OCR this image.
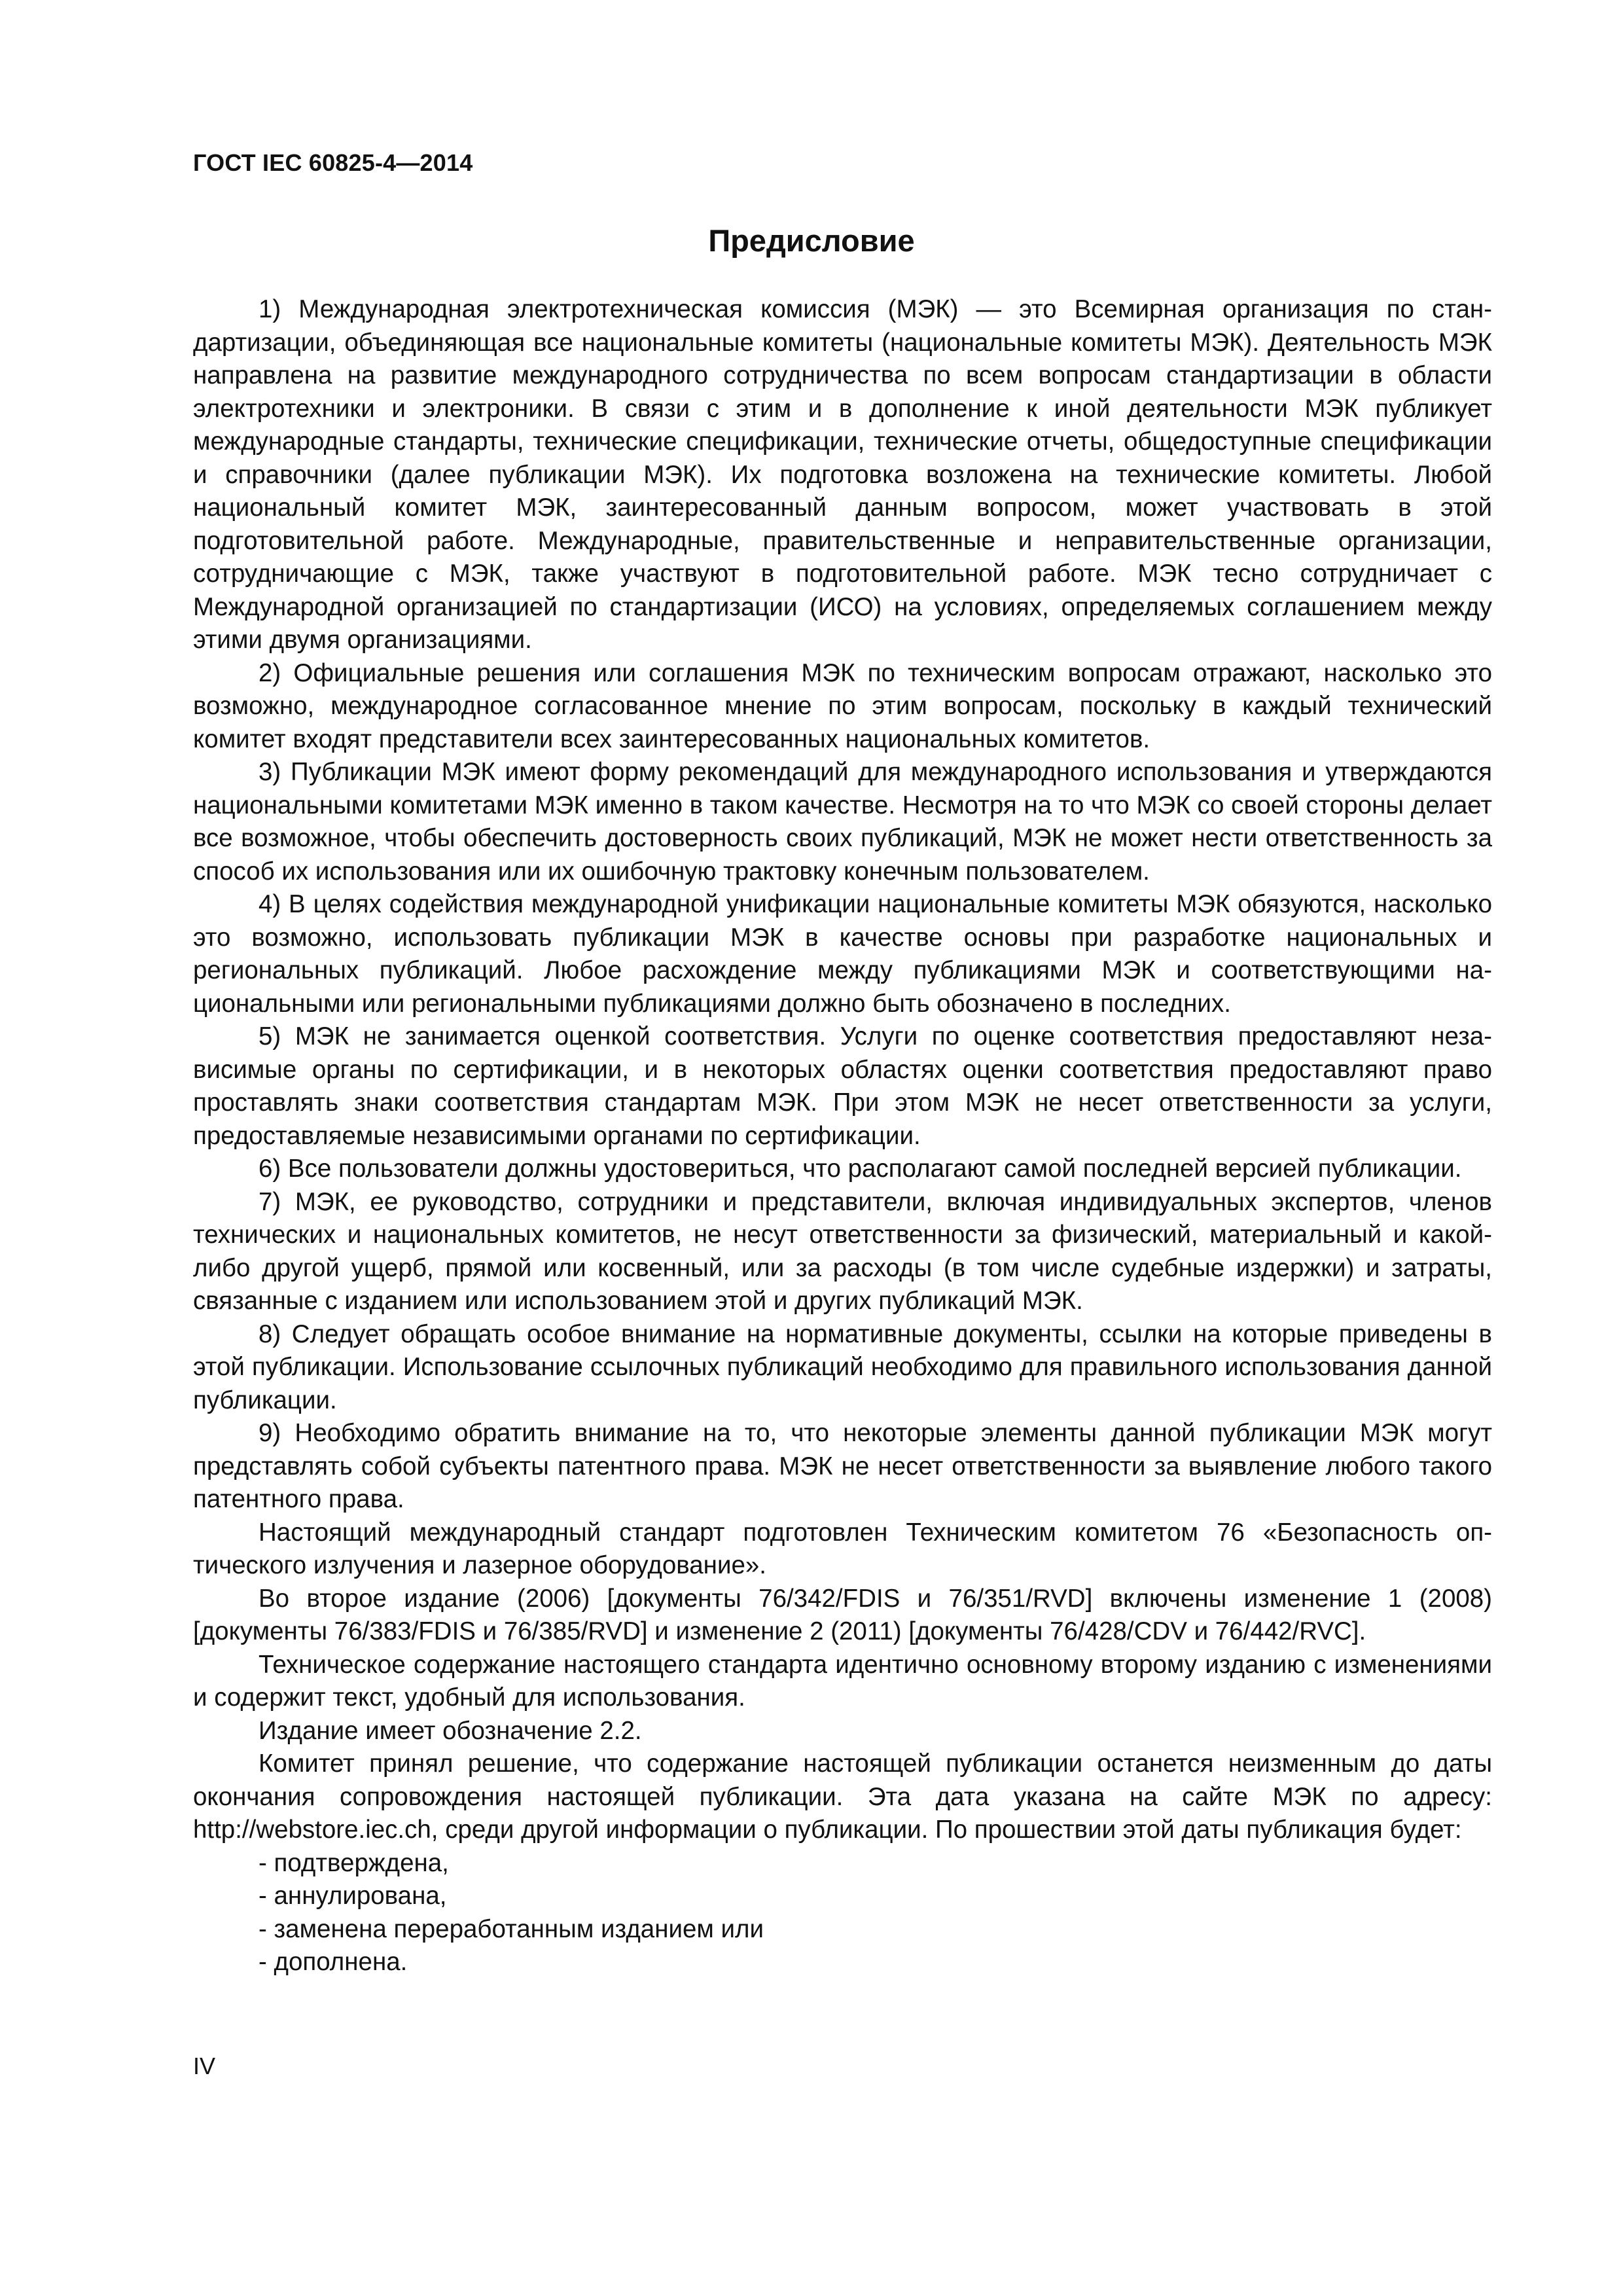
ГОСТ IEC 60825-4—2014
Предисловие

1) Международная электротехническая комиссия (МЭК) — это Всемирная организация по стандартизации, объединяющая все национальные комитеты (национальные комитеты МЭК). Деятельность МЭК направлена на развитие международного сотрудничества по всем вопросам стандартизации в области электротехники и электроники. В связи с этим и в дополнение к иной деятельности МЭК публикует международные стандарты, технические спецификации, технические отчеты, общедоступные спецификации и справочники (далее публикации МЭК). Их подготовка возложена на технические комитеты. Любой национальный комитет МЭК, заинтересованный данным вопросом, может участвовать в этой подготовительной работе. Международные, правительственные и неправительственные организации, сотрудничающие с МЭК, также участвуют в подготовительной работе. МЭК тесно сотрудничает с Международной организацией по стандартизации (ИСО) на условиях, определяемых соглашением между этими двумя организациями.

2) Официальные решения или соглашения МЭК по техническим вопросам отражают, насколько это возможно, международное согласованное мнение по этим вопросам, поскольку в каждый технический комитет входят представители всех заинтересованных национальных комитетов.

3) Публикации МЭК имеют форму рекомендаций для международного использования и утверждаются национальными комитетами МЭК именно в таком качестве. Несмотря на то что МЭК со своей стороны делает все возможное, чтобы обеспечить достоверность своих публикаций, МЭК не может нести ответственность за способ их использования или их ошибочную трактовку конечным пользователем.

4) В целях содействия международной унификации национальные комитеты МЭК обязуются, насколько это возможно, использовать публикации МЭК в качестве основы при разработке национальных и региональных публикаций. Любое расхождение между публикациями МЭК и соответствующими национальными или региональными публикациями должно быть обозначено в последних.

5) МЭК не занимается оценкой соответствия. Услуги по оценке соответствия предоставляют независимые органы по сертификации, и в некоторых областях оценки соответствия предоставляют право проставлять знаки соответствия стандартам МЭК. При этом МЭК не несет ответственности за услуги, предоставляемые независимыми органами по сертификации.

6) Все пользователи должны удостовериться, что располагают самой последней версией публикации.

7) МЭК, ее руководство, сотрудники и представители, включая индивидуальных экспертов, членов технических и национальных комитетов, не несут ответственности за физический, материальный и какой-либо другой ущерб, прямой или косвенный, или за расходы (в том числе судебные издержки) и затраты, связанные с изданием или использованием этой и других публикаций МЭК.

8) Следует обращать особое внимание на нормативные документы, ссылки на которые приведены в этой публикации. Использование ссылочных публикаций необходимо для правильного использования данной публикации.

9) Необходимо обратить внимание на то, что некоторые элементы данной публикации МЭК могут представлять собой субъекты патентного права. МЭК не несет ответственности за выявление любого такого патентного права.

Настоящий международный стандарт подготовлен Техническим комитетом 76 «Безопасность оптического излучения и лазерное оборудование».

Во второе издание (2006) [документы 76/342/FDIS и 76/351/RVD] включены изменение 1 (2008) [документы 76/383/FDIS и 76/385/RVD] и изменение 2 (2011) [документы 76/428/CDV и 76/442/RVC].

Техническое содержание настоящего стандарта идентично основному второму изданию с изменениями и содержит текст, удобный для использования.

Издание имеет обозначение 2.2.

Комитет принял решение, что содержание настоящей публикации останется неизменным до даты окончания сопровождения настоящей публикации. Эта дата указана на сайте МЭК по адресу: http://webstore.iec.ch, среди другой информации о публикации. По прошествии этой даты публикация будет:

- подтверждена,
- аннулирована,
- заменена переработанным изданием или
- дополнена.
IV
